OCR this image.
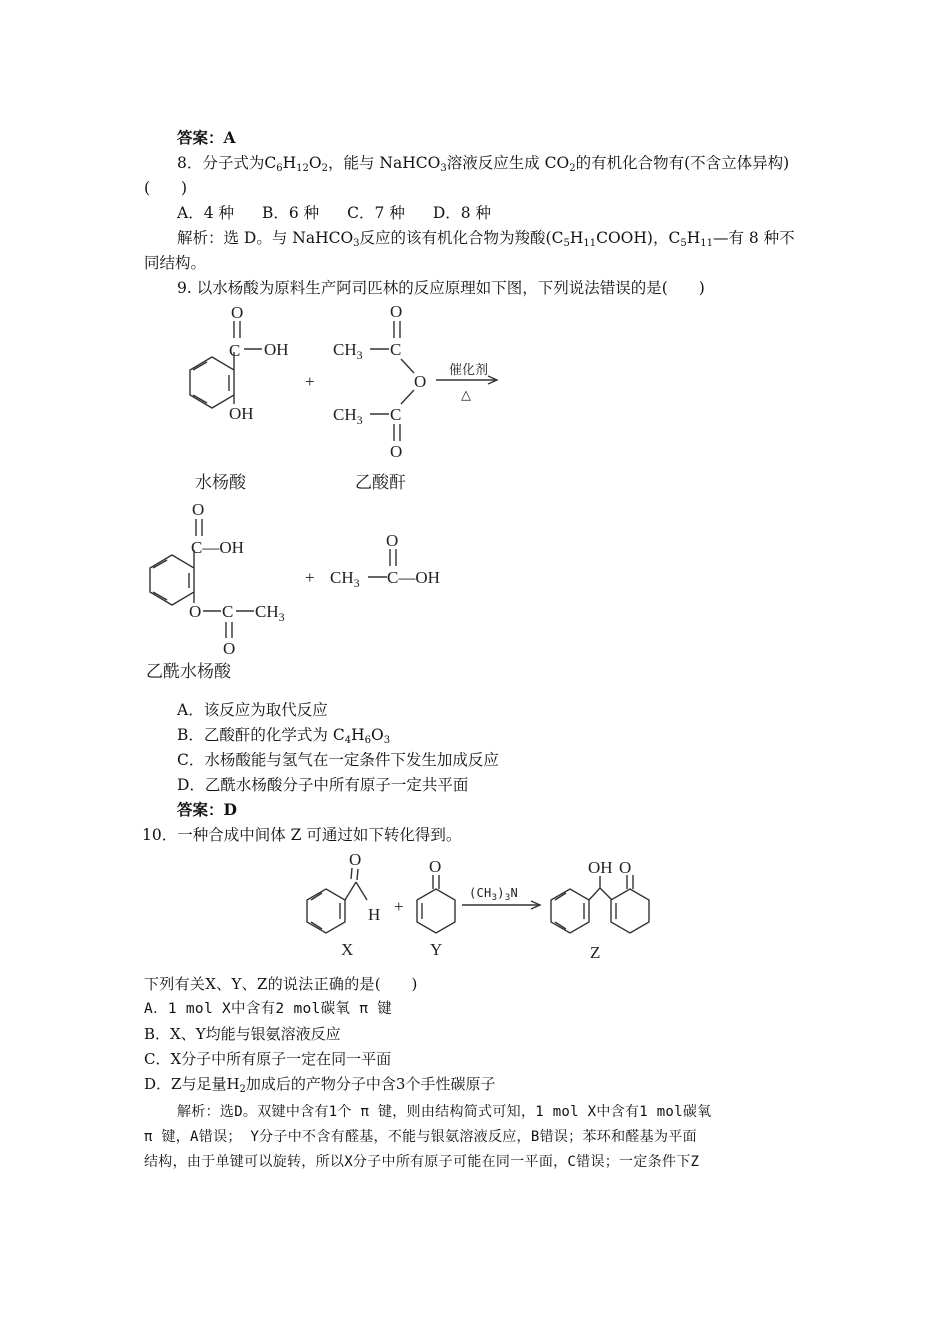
答案：A
8．分子式为$C_6H_{12}O_2$，能与 NaHCO$_3$溶液反应生成 $CO_2$的有机化合物有(不含立体异构)
(　　)
A．4 种 B．6 种 C．7 种 D．8 种
解析：选 D。与 NaHCO$_3$反应的该有机化合物为羧酸$(C_5H_{11}COOH)$，$C_5H_{11}—$有 8 种不
同结构。
9. 以水杨酸为原料生产阿司匹林的反应原理如下图，下列说法错误的是(　　)
C
O
OH
OH
+
$CH_3$ C
O
O
$CH_3$ C
O
催化剂
△
水杨酸	乙酸酐
C—OH
O
O C $CH_3$
O
+ $CH_3$ C—OH
O
乙酰水杨酸
A．该反应为取代反应
B．乙酸酐的化学式为 $C_4H_6O_3$
C．水杨酸能与氢气在一定条件下发生加成反应
D．乙酰水杨酸分子中所有原子一定共平面
答案：D
10．一种合成中间体 Z 可通过如下转化得到。
O
H +
O
$(CH_3)_3N$
OH O
X	Y	Z
下列有关X、Y、Z的说法正确的是(　　)
A．1 mol X中含有2 mol碳氧 π 键
B．X、Y均能与银氨溶液反应
C．X分子中所有原子一定在同一平面
D．Z与足量$H_2$加成后的产物分子中含3个手性碳原子
解析：选D。双键中含有1个 π 键，则由结构简式可知，1 mol X中含有1 mol碳氧
π 键，A错误； Y分子中不含有醛基，不能与银氨溶液反应，B错误；苯环和醛基为平面
结构，由于单键可以旋转，所以X分子中所有原子可能在同一平面，C错误；一定条件下Z
